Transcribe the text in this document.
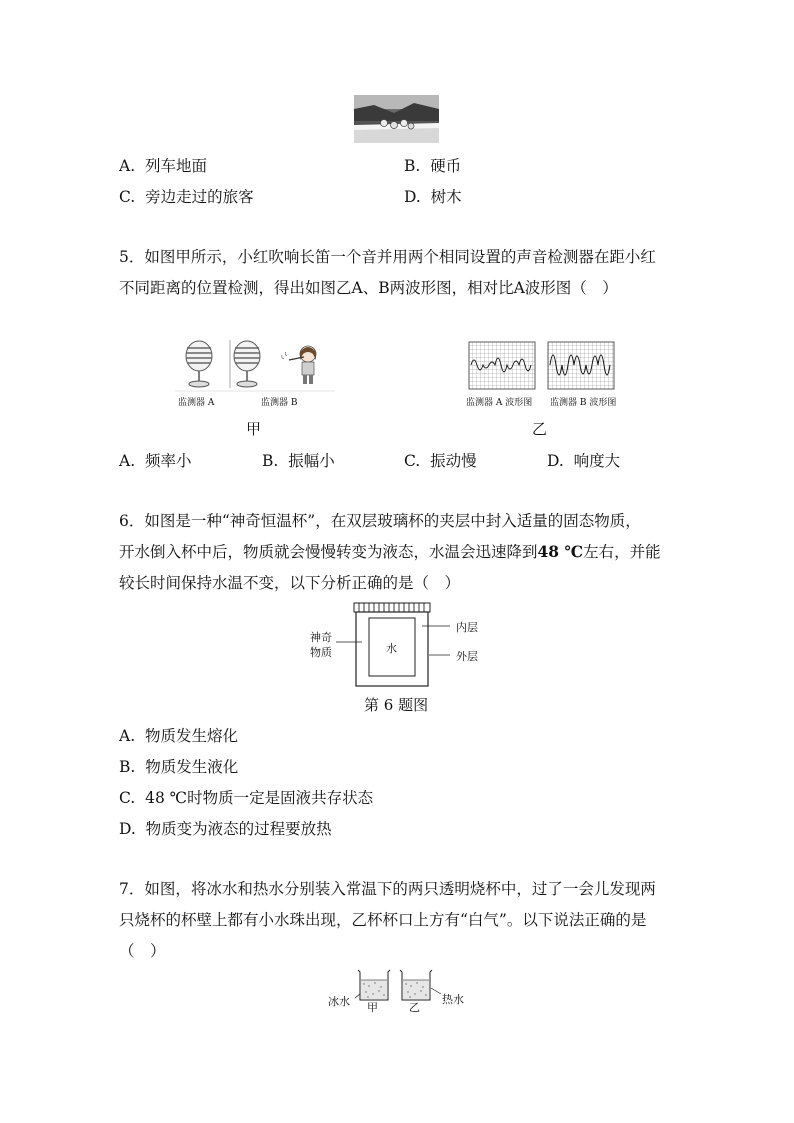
A. 列车地面	B. 硬币
C. 旁边走过的旅客	D. 树木
5．如图甲所示，小红吹响长笛一个音并用两个相同设置的声音检测器在距小红
不同距离的位置检测，得出如图乙A、B两波形图，相对比A波形图（　）
监测器 A	监测器 B	监测器 A 波形图 监测器 B 波形图
甲	乙
A. 频率小	B. 振幅小	C. 振动慢	D. 响度大
6．如图是一种“神奇恒温杯”，在双层玻璃杯的夹层中封入适量的固态物质，
开水倒入杯中后，物质就会慢慢转变为液态，水温会迅速降到48 ℃左右，并能
较长时间保持水温不变，以下分析正确的是（　）
水
神奇
物质
内层
外层
第 6 题图
A. 物质发生熔化
B. 物质发生液化
C. 48 ℃时物质一定是固液共存状态
D. 物质变为液态的过程要放热
7．如图，将冰水和热水分别装入常温下的两只透明烧杯中，过了一会儿发现两
只烧杯的杯壁上都有小水珠出现，乙杯杯口上方有“白气”。以下说法正确的是
（　）
冰水	热水
甲	乙
